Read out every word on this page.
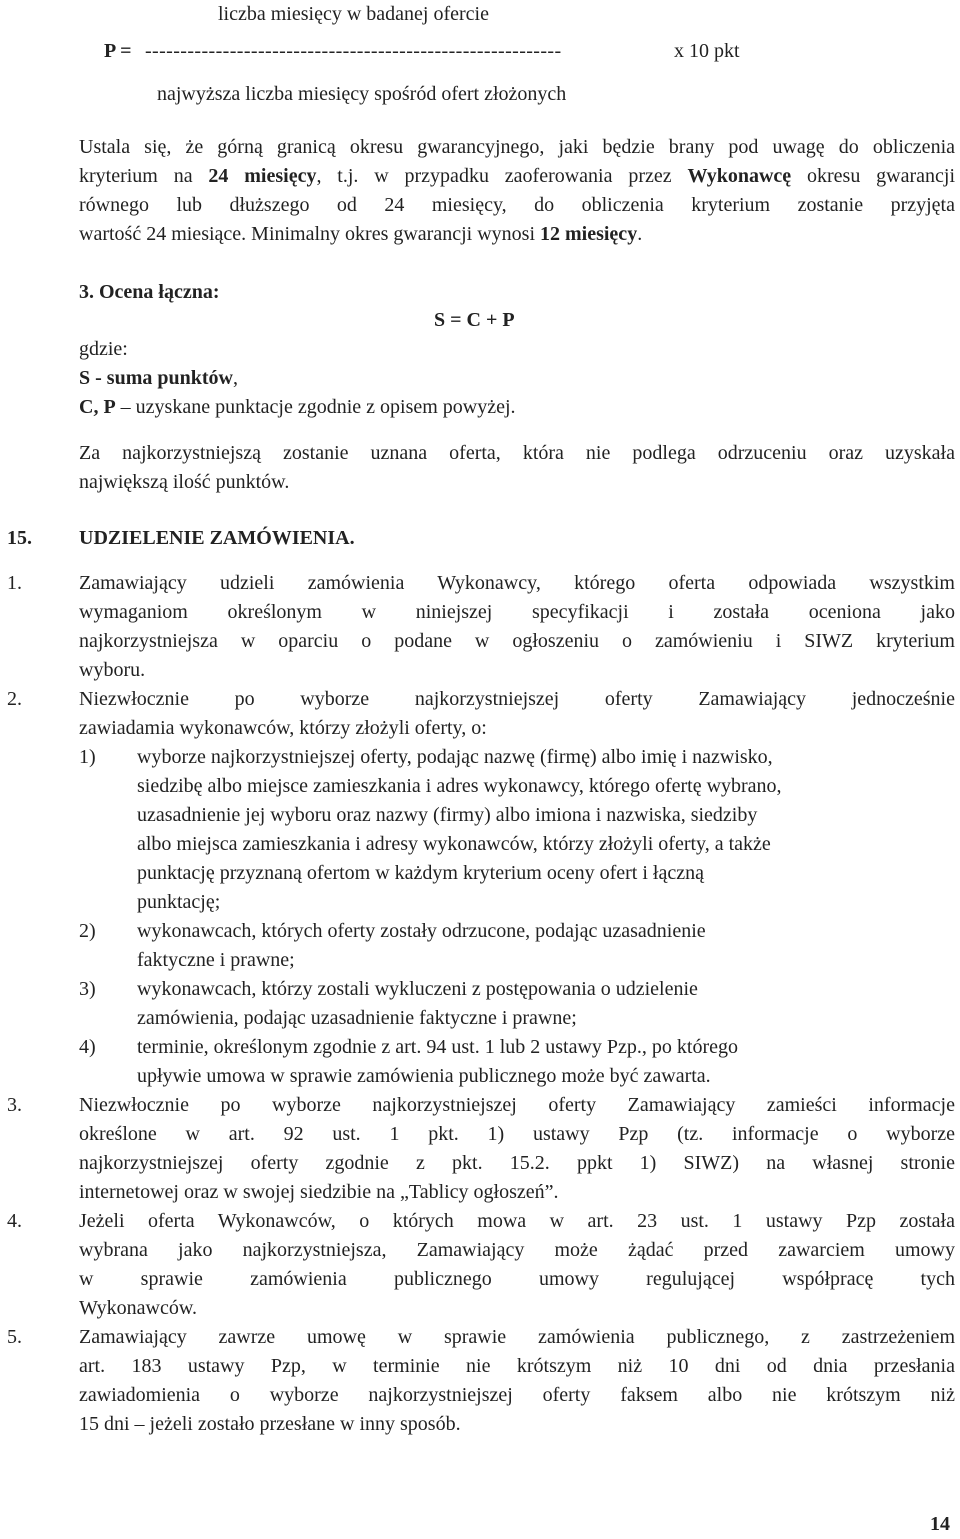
liczba miesięcy w badanej ofercie
P = -----------------------------------------------------------	x 10 pkt
najwyższa liczba miesięcy spośród ofert złożonych
Ustala się, że górną granicą okresu gwarancyjnego, jaki będzie brany pod uwagę do obliczenia
kryterium na 24 miesięcy, t.j. w przypadku zaoferowania przez Wykonawcę okresu gwarancji
równego lub dłuższego od 24 miesięcy, do obliczenia kryterium zostanie przyjęta
wartość 24 miesiące. Minimalny okres gwarancji wynosi 12 miesięcy.
3. Ocena łączna:
S = C + P
gdzie:
S - suma punktów,
C, P – uzyskane punktacje zgodnie z opisem powyżej.
Za najkorzystniejszą zostanie uznana oferta, która nie podlega odrzuceniu oraz uzyskała
największą ilość punktów.
15. UDZIELENIE ZAMÓWIENIA.
1.	Zamawiający udzieli zamówienia Wykonawcy, którego oferta odpowiada wszystkim
wymaganiom określonym w niniejszej specyfikacji i została oceniona jako
najkorzystniejsza w oparciu o podane w ogłoszeniu o zamówieniu i SIWZ kryterium
wyboru.
2.	Niezwłocznie po wyborze najkorzystniejszej oferty Zamawiający jednocześnie
zawiadamia wykonawców, którzy złożyli oferty, o:
1) wyborze najkorzystniejszej oferty, podając nazwę (firmę) albo imię i nazwisko,
siedzibę albo miejsce zamieszkania i adres wykonawcy, którego ofertę wybrano,
uzasadnienie jej wyboru oraz nazwy (firmy) albo imiona i nazwiska, siedziby
albo miejsca zamieszkania i adresy wykonawców, którzy złożyli oferty, a także
punktację przyznaną ofertom w każdym kryterium oceny ofert i łączną
punktację;
2) wykonawcach, których oferty zostały odrzucone, podając uzasadnienie
faktyczne i prawne;
3) wykonawcach, którzy zostali wykluczeni z postępowania o udzielenie
zamówienia, podając uzasadnienie faktyczne i prawne;
4) terminie, określonym zgodnie z art. 94 ust. 1 lub 2 ustawy Pzp., po którego
upływie umowa w sprawie zamówienia publicznego może być zawarta.
3.	Niezwłocznie po wyborze najkorzystniejszej oferty Zamawiający zamieści informacje
określone w art. 92 ust. 1 pkt. 1) ustawy Pzp (tz. informacje o wyborze
najkorzystniejszej oferty zgodnie z pkt. 15.2. ppkt 1) SIWZ) na własnej stronie
internetowej oraz w swojej siedzibie na „Tablicy ogłoszeń”.
4.	Jeżeli oferta Wykonawców, o których mowa w art. 23 ust. 1 ustawy Pzp została
wybrana jako najkorzystniejsza, Zamawiający może żądać przed zawarciem umowy
w sprawie zamówienia publicznego umowy regulującej współpracę tych
Wykonawców.
5.	Zamawiający zawrze umowę w sprawie zamówienia publicznego, z zastrzeżeniem
art. 183 ustawy Pzp, w terminie nie krótszym niż 10 dni od dnia przesłania
zawiadomienia o wyborze najkorzystniejszej oferty faksem albo nie krótszym niż
15 dni – jeżeli zostało przesłane w inny sposób.
14
